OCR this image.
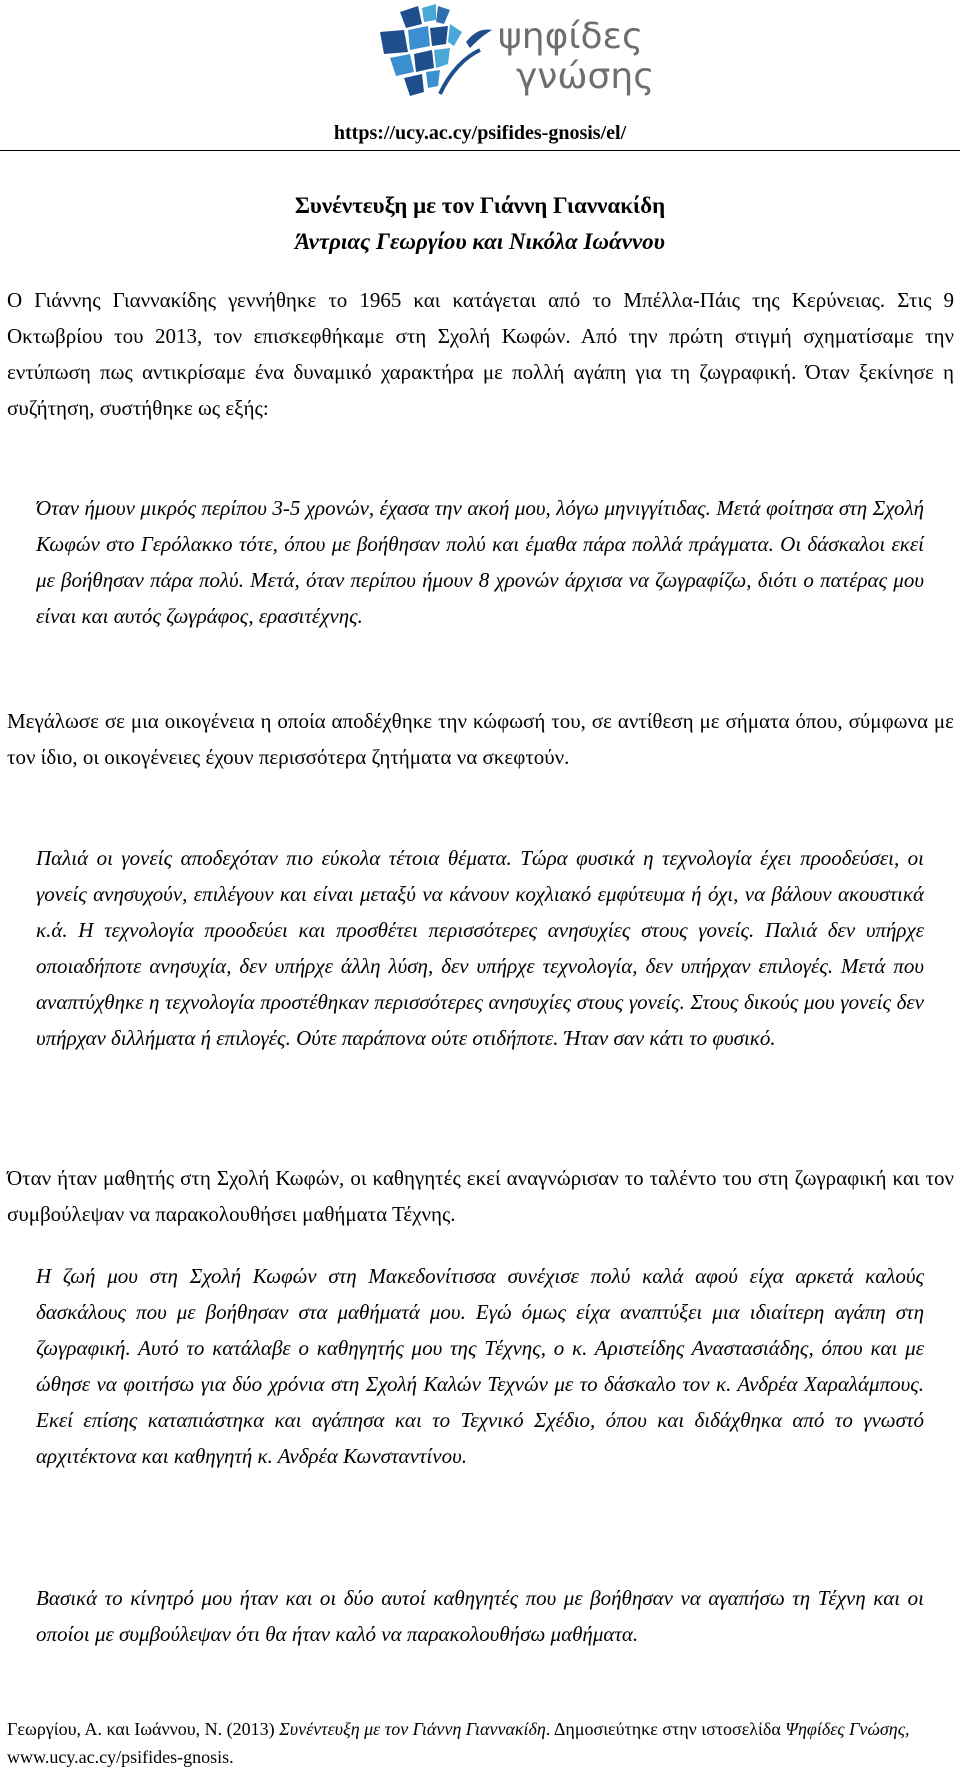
ψηφίδες
γνώσης
https://ucy.ac.cy/psifides-gnosis/el/
Συνέντευξη με τον Γιάννη Γιαννακίδη
Άντριας Γεωργίου και Νικόλα Ιωάννου

Ο Γιάννης Γιαννακίδης γεννήθηκε το 1965 και κατάγεται από το Μπέλλα-Πάις της Κερύνειας. Στις 9 Οκτωβρίου του 2013, τον επισκεφθήκαμε στη Σχολή Κωφών. Από την πρώτη στιγμή σχηματίσαμε την εντύπωση πως αντικρίσαμε ένα δυναμικό χαρακτήρα με πολλή αγάπη για τη ζωγραφική. Όταν ξεκίνησε η συζήτηση, συστήθηκε ως εξής:

Όταν ήμουν μικρός περίπου 3-5 χρονών, έχασα την ακοή μου, λόγω μηνιγγίτιδας. Μετά φοίτησα στη Σχολή Κωφών στο Γερόλακκο τότε, όπου με βοήθησαν πολύ και έμαθα πάρα πολλά πράγματα. Οι δάσκαλοι εκεί με βοήθησαν πάρα πολύ. Μετά, όταν περίπου ήμουν 8 χρονών άρχισα να ζωγραφίζω, διότι ο πατέρας μου είναι και αυτός ζωγράφος, ερασιτέχνης.

Μεγάλωσε σε μια οικογένεια η οποία αποδέχθηκε την κώφωσή του, σε αντίθεση με σήματα όπου, σύμφωνα με τον ίδιο, οι οικογένειες έχουν περισσότερα ζητήματα να σκεφτούν.

Παλιά οι γονείς αποδεχόταν πιο εύκολα τέτοια θέματα. Τώρα φυσικά η τεχνολογία έχει προοδεύσει, οι γονείς ανησυχούν, επιλέγουν και είναι μεταξύ να κάνουν κοχλιακό εμφύτευμα ή όχι, να βάλουν ακουστικά κ.ά. Η τεχνολογία προοδεύει και προσθέτει περισσότερες ανησυχίες στους γονείς. Παλιά δεν υπήρχε οποιαδήποτε ανησυχία, δεν υπήρχε άλλη λύση, δεν υπήρχε τεχνολογία, δεν υπήρχαν επιλογές. Μετά που αναπτύχθηκε η τεχνολογία προστέθηκαν περισσότερες ανησυχίες στους γονείς. Στους δικούς μου γονείς δεν υπήρχαν διλλήματα ή επιλογές. Ούτε παράπονα ούτε οτιδήποτε. Ήταν σαν κάτι το φυσικό.

Όταν ήταν μαθητής στη Σχολή Κωφών, οι καθηγητές εκεί αναγνώρισαν το ταλέντο του στη ζωγραφική και τον συμβούλεψαν να παρακολουθήσει μαθήματα Τέχνης.

Η ζωή μου στη Σχολή Κωφών στη Μακεδονίτισσα συνέχισε πολύ καλά αφού είχα αρκετά καλούς δασκάλους που με βοήθησαν στα μαθήματά μου. Εγώ όμως είχα αναπτύξει μια ιδιαίτερη αγάπη στη ζωγραφική. Αυτό το κατάλαβε ο καθηγητής μου της Τέχνης, ο κ. Αριστείδης Αναστασιάδης, όπου και με ώθησε να φοιτήσω για δύο χρόνια στη Σχολή Καλών Τεχνών με το δάσκαλο τον κ. Ανδρέα Χαραλάμπους. Εκεί επίσης καταπιάστηκα και αγάπησα και το Τεχνικό Σχέδιο, όπου και διδάχθηκα από το γνωστό αρχιτέκτονα και καθηγητή κ. Ανδρέα Κωνσταντίνου.

Βασικά το κίνητρό μου ήταν και οι δύο αυτοί καθηγητές που με βοήθησαν να αγαπήσω τη Τέχνη και οι οποίοι με συμβούλεψαν ότι θα ήταν καλό να παρακολουθήσω μαθήματα.

Γεωργίου, Α. και Ιωάννου, Ν. (2013) Συνέντευξη με τον Γιάννη Γιαννακίδη. Δημοσιεύτηκε στην ιστοσελίδα Ψηφίδες Γνώσης, www.ucy.ac.cy/psifides-gnosis.
